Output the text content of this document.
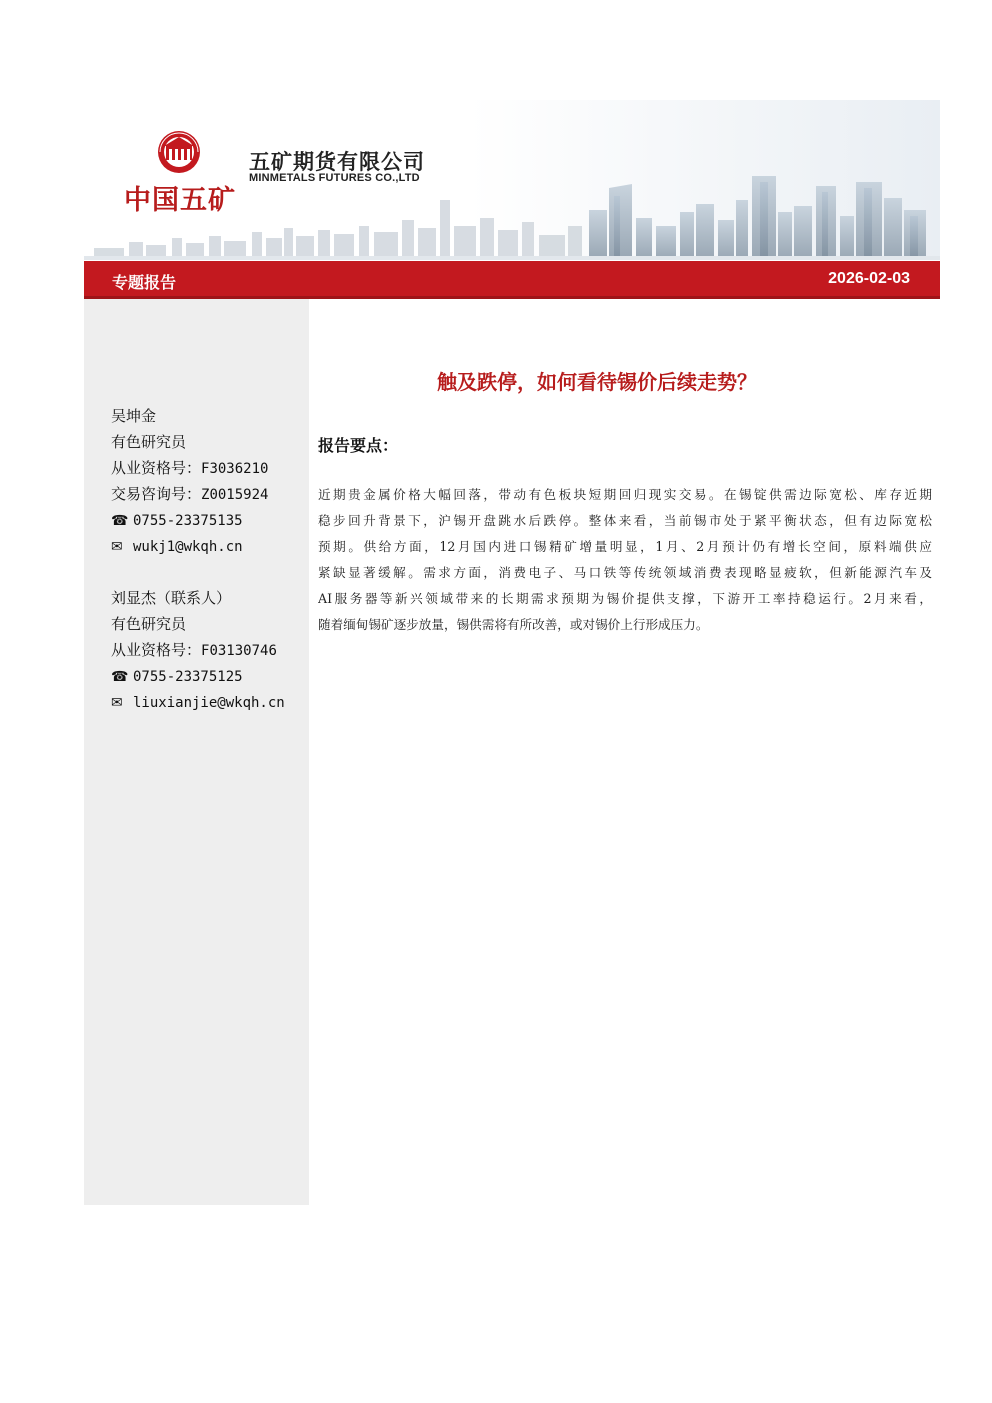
中国五矿
五矿期货有限公司
MINMETALS FUTURES CO.,LTD
专题报告	2026-02-03
吴坤金
有色研究员
从业资格号：F3036210
交易咨询号：Z0015924
☎ 0755-23375135
✉ wukj1@wkqh.cn
刘显杰（联系人）
有色研究员
从业资格号：F03130746
☎ 0755-23375125
✉ liuxianjie@wkqh.cn
触及跌停，如何看待锡价后续走势？
报告要点：
近期贵金属价格大幅回落，带动有色板块短期回归现实交易。在锡锭供需边际宽松、库存近期
稳步回升背景下，沪锡开盘跳水后跌停。整体来看，当前锡市处于紧平衡状态，但有边际宽松
预期。供给方面，12月国内进口锡精矿增量明显，1月、2月预计仍有增长空间，原料端供应
紧缺显著缓解。需求方面，消费电子、马口铁等传统领域消费表现略显疲软，但新能源汽车及
AI服务器等新兴领域带来的长期需求预期为锡价提供支撑，下游开工率持稳运行。2月来看，
随着缅甸锡矿逐步放量，锡供需将有所改善，或对锡价上行形成压力。
